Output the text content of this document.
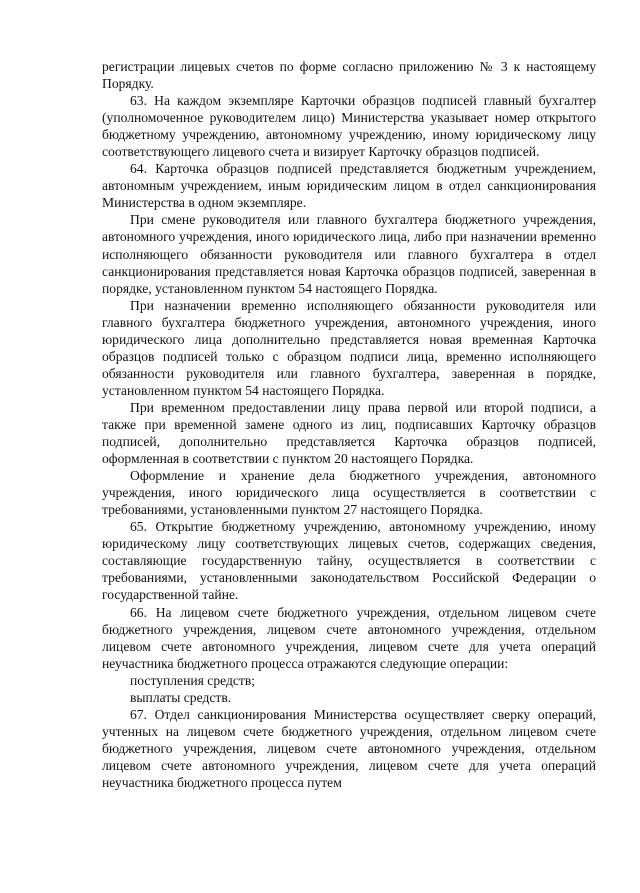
регистрации лицевых счетов по форме согласно приложению № 3 к настоящему Порядку.

63. На каждом экземпляре Карточки образцов подписей главный бухгалтер (уполномоченное руководителем лицо) Министерства указывает номер открытого бюджетному учреждению, автономному учреждению, иному юридическому лицу соответствующего лицевого счета и визирует Карточку образцов подписей.

64. Карточка образцов подписей представляется бюджетным учреждением, автономным учреждением, иным юридическим лицом в отдел санкционирования Министерства в одном экземпляре.

При смене руководителя или главного бухгалтера бюджетного учреждения, автономного учреждения, иного юридического лица, либо при назначении временно исполняющего обязанности руководителя или главного бухгалтера в отдел санкционирования представляется новая Карточка образцов подписей, заверенная в порядке, установленном пунктом 54 настоящего Порядка.

При назначении временно исполняющего обязанности руководителя или главного бухгалтера бюджетного учреждения, автономного учреждения, иного юридического лица дополнительно представляется новая временная Карточка образцов подписей только с образцом подписи лица, временно исполняющего обязанности руководителя или главного бухгалтера, заверенная в порядке, установленном пунктом 54 настоящего Порядка.

При временном предоставлении лицу права первой или второй подписи, а также при временной замене одного из лиц, подписавших Карточку образцов подписей, дополнительно представляется Карточка образцов подписей, оформленная в соответствии с пунктом 20 настоящего Порядка.

Оформление и хранение дела бюджетного учреждения, автономного учреждения, иного юридического лица осуществляется в соответствии с требованиями, установленными пунктом 27 настоящего Порядка.

65. Открытие бюджетному учреждению, автономному учреждению, иному юридическому лицу соответствующих лицевых счетов, содержащих сведения, составляющие государственную тайну, осуществляется в соответствии с требованиями, установленными законодательством Российской Федерации о государственной тайне.

66. На лицевом счете бюджетного учреждения, отдельном лицевом счете бюджетного учреждения, лицевом счете автономного учреждения, отдельном лицевом счете автономного учреждения, лицевом счете для учета операций неучастника бюджетного процесса отражаются следующие операции:

поступления средств;

выплаты средств.

67. Отдел санкционирования Министерства осуществляет сверку операций, учтенных на лицевом счете бюджетного учреждения, отдельном лицевом счете бюджетного учреждения, лицевом счете автономного учреждения, отдельном лицевом счете автономного учреждения, лицевом счете для учета операций неучастника бюджетного процесса путем
